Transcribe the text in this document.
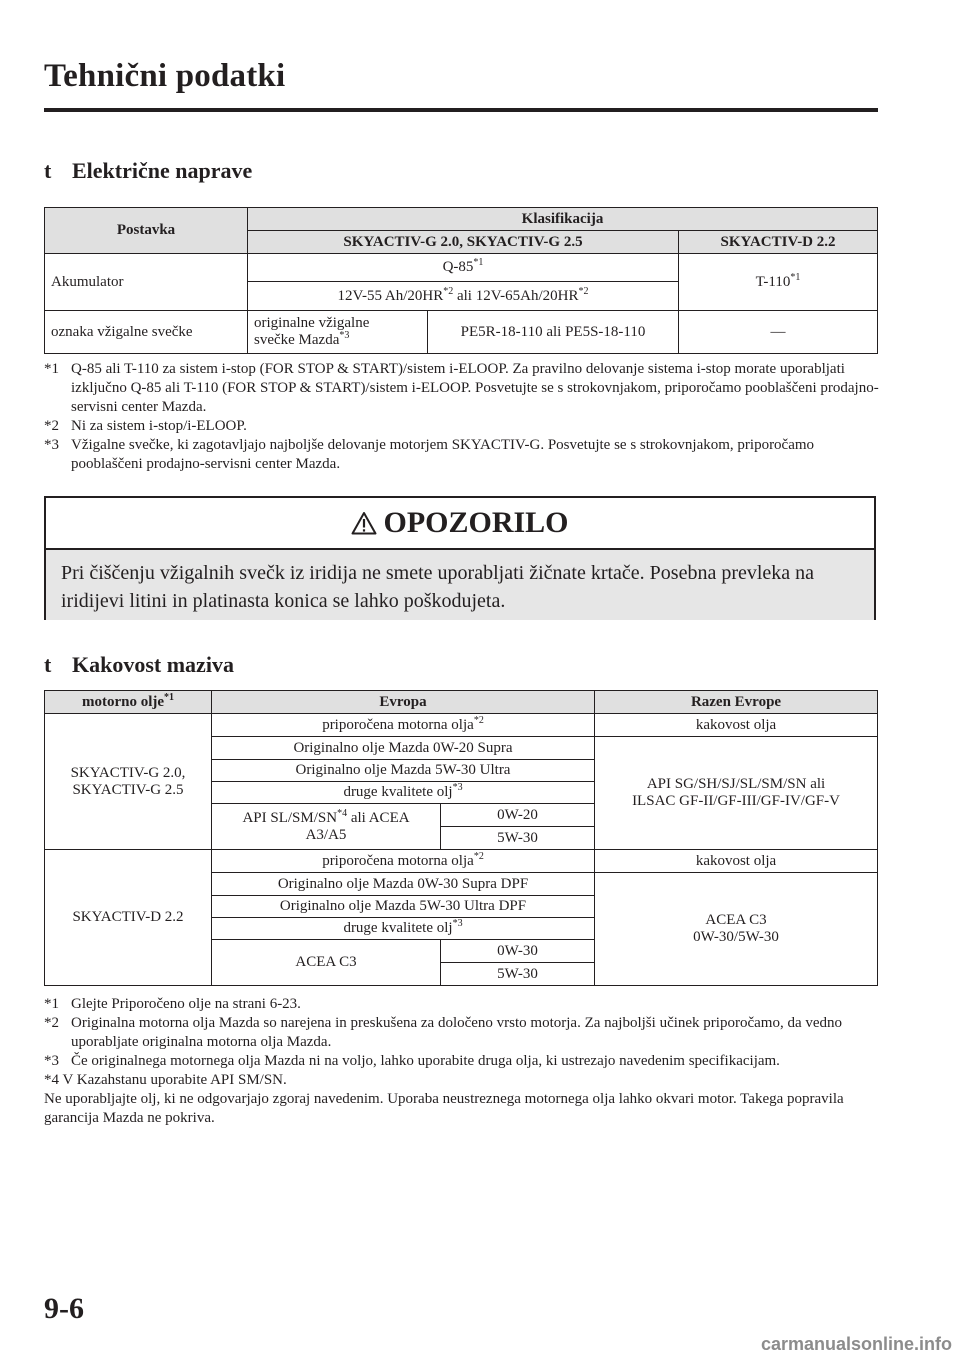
Tehnični podatki
t Električne naprave
Postavka	Klasifikacija		
	SKYACTIV-G 2.0, SKYACTIV-G 2.5		SKYACTIV-D 2.2
Akumulator	Q-85$^{*1}$		T-110$^{*1}$
	12V-55 Ah/20HR$^{*2}$ ali 12V-65Ah/20HR$^{*2}$
oznaka vžigalne svečke	originalne vžigalne
svečke Mazda$^{*3}$	PE5R-18-110 ali PE5S-18-110	—
*1 Q-85 ali T-110 za sistem i-stop (FOR STOP & START)/sistem i-ELOOP. Za pravilno delovanje sistema i-stop morate uporabljati izključno Q-85 ali T-110 (FOR STOP & START)/sistem i-ELOOP. Posvetujte se s strokovnjakom, priporočamo pooblaščeni prodajno-servisni center Mazda.
*2 Ni za sistem i-stop/i-ELOOP.
*3 Vžigalne svečke, ki zagotavljajo najboljše delovanje motorjem SKYACTIV-G. Posvetujte se s strokovnjakom, priporočamo pooblaščeni prodajno-servisni center Mazda.
OPOZORILO
Pri čiščenju vžigalnih svečk iz iridija ne smete uporabljati žičnate krtače. Posebna prevleka na iridijevi litini in platinasta konica se lahko poškodujeta.
t Kakovost maziva
motorno olje$^{*1}$	Evropa		Razen Evrope
SKYACTIV-G 2.0,
SKYACTIV-G 2.5	priporočena motorna olja$^{*2}$		kakovost olja
	Originalno olje Mazda 0W-20 Supra		API SG/SH/SJ/SL/SM/SN ali
ILSAC GF-II/GF-III/GF-IV/GF-V
	Originalno olje Mazda 5W-30 Ultra		
	druge kvalitete olj$^{*3}$
	API SL/SM/SN$^{*4}$ ali ACEA
A3/A5	0W-20	
		5W-30	
SKYACTIV-D 2.2	priporočena motorna olja$^{*2}$		kakovost olja
	Originalno olje Mazda 0W-30 Supra DPF		ACEA C3
0W-30/5W-30
	Originalno olje Mazda 5W-30 Ultra DPF		
	druge kvalitete olj$^{*3}$
	ACEA C3	0W-30	
		5W-30	
*1 Glejte Priporočeno olje na strani 6-23.
*2 Originalna motorna olja Mazda so narejena in preskušena za določeno vrsto motorja. Za najboljši učinek priporočamo, da vedno uporabljate originalna motorna olja Mazda.
*3 Če originalnega motornega olja Mazda ni na voljo, lahko uporabite druga olja, ki ustrezajo navedenim specifikacijam.
*4 V Kazahstanu uporabite API SM/SN.
Ne uporabljajte olj, ki ne odgovarjajo zgoraj navedenim. Uporaba neustreznega motornega olja lahko okvari motor. Takega popravila garancija Mazda ne pokriva.
9-6
carmanualsonline.info
